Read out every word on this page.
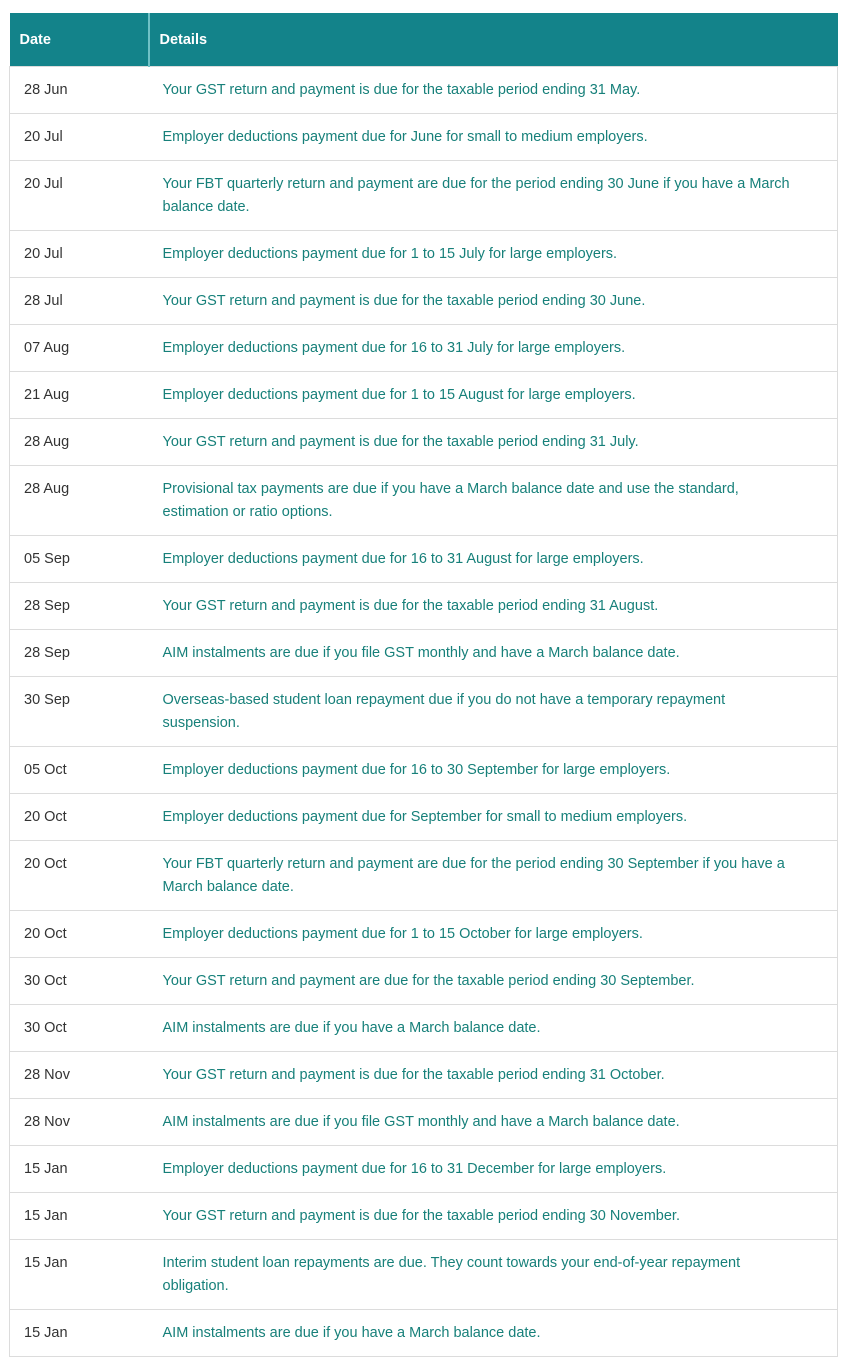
Date	Details
28 Jun	Your GST return and payment is due for the taxable period ending 31 May.
20 Jul	Employer deductions payment due for June for small to medium employers.
20 Jul	Your FBT quarterly return and payment are due for the period ending 30 June if you have a March balance date.
20 Jul	Employer deductions payment due for 1 to 15 July for large employers.
28 Jul	Your GST return and payment is due for the taxable period ending 30 June.
07 Aug	Employer deductions payment due for 16 to 31 July for large employers.
21 Aug	Employer deductions payment due for 1 to 15 August for large employers.
28 Aug	Your GST return and payment is due for the taxable period ending 31 July.
28 Aug	Provisional tax payments are due if you have a March balance date and use the standard, estimation or ratio options.
05 Sep	Employer deductions payment due for 16 to 31 August for large employers.
28 Sep	Your GST return and payment is due for the taxable period ending 31 August.
28 Sep	AIM instalments are due if you file GST monthly and have a March balance date.
30 Sep	Overseas-based student loan repayment due if you do not have a temporary repayment suspension.
05 Oct	Employer deductions payment due for 16 to 30 September for large employers.
20 Oct	Employer deductions payment due for September for small to medium employers.
20 Oct	Your FBT quarterly return and payment are due for the period ending 30 September if you have a March balance date.
20 Oct	Employer deductions payment due for 1 to 15 October for large employers.
30 Oct	Your GST return and payment are due for the taxable period ending 30 September.
30 Oct	AIM instalments are due if you have a March balance date.
28 Nov	Your GST return and payment is due for the taxable period ending 31 October.
28 Nov	AIM instalments are due if you file GST monthly and have a March balance date.
15 Jan	Employer deductions payment due for 16 to 31 December for large employers.
15 Jan	Your GST return and payment is due for the taxable period ending 30 November.
15 Jan	Interim student loan repayments are due. They count towards your end-of-year repayment obligation.
15 Jan	AIM instalments are due if you have a March balance date.
